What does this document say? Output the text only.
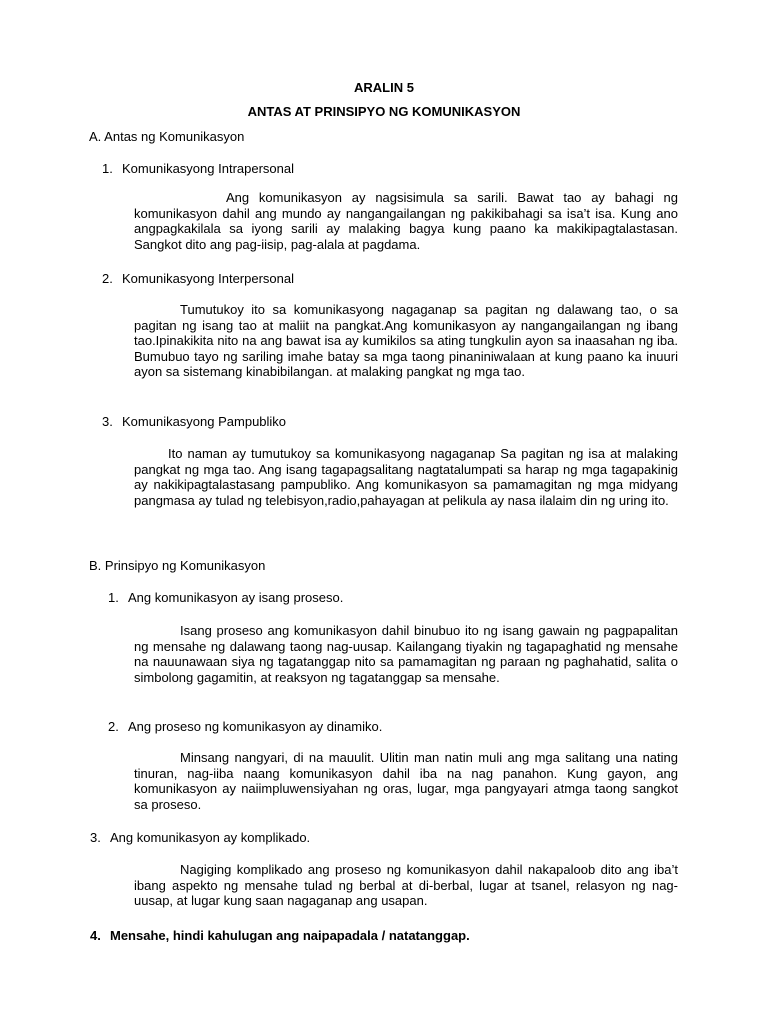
ARALIN 5
ANTAS AT PRINSIPYO NG KOMUNIKASYON
A. Antas ng Komunikasyon
1. Komunikasyong Intrapersonal

Ang komunikasyon ay nagsisimula sa sarili. Bawat tao ay bahagi ng komunikasyon dahil ang mundo ay nangangailangan ng pakikibahagi sa isa’t isa. Kung ano angpagkakilala sa iyong sarili ay malaking bagya kung paano ka makikipagtalastasan. Sangkot dito ang pag-iisip, pag-alala at pagdama.

2. Komunikasyong Interpersonal

Tumutukoy ito sa komunikasyong nagaganap sa pagitan ng dalawang tao, o sa pagitan ng isang tao at maliit na pangkat.Ang komunikasyon ay nangangailangan ng ibang tao.Ipinakikita nito na ang bawat isa ay kumikilos sa ating tungkulin ayon sa inaasahan ng iba. Bumubuo tayo ng sariling imahe batay sa mga taong pinaniniwalaan at kung paano ka inuuri ayon sa sistemang kinabibilangan. at malaking pangkat ng mga tao.

3. Komunikasyong Pampubliko

Ito naman ay tumutukoy sa komunikasyong nagaganap Sa pagitan ng isa at malaking pangkat ng mga tao. Ang isang tagapagsalitang nagtatalumpati sa harap ng mga tagapakinig ay nakikipagtalastasang pampubliko. Ang komunikasyon sa pamamagitan ng mga midyang pangmasa ay tulad ng telebisyon,radio,pahayagan at pelikula ay nasa ilalaim din ng uring ito.

B. Prinsipyo ng Komunikasyon
1. Ang komunikasyon ay isang proseso.

Isang proseso ang komunikasyon dahil binubuo ito ng isang gawain ng pagpapalitan ng mensahe ng dalawang taong nag-uusap. Kailangang tiyakin ng tagapaghatid ng mensahe na nauunawaan siya ng tagatanggap nito sa pamamagitan ng paraan ng paghahatid, salita o simbolong gagamitin, at reaksyon ng tagatanggap sa mensahe.

2. Ang proseso ng komunikasyon ay dinamiko.

Minsang nangyari, di na mauulit. Ulitin man natin muli ang mga salitang una nating tinuran, nag-iiba naang komunikasyon dahil iba na nag panahon. Kung gayon, ang komunikasyon ay naiimpluwensiyahan ng oras, lugar, mga pangyayari atmga taong sangkot sa proseso.

3. Ang komunikasyon ay komplikado.

Nagiging komplikado ang proseso ng komunikasyon dahil nakapaloob dito ang iba’t ibang aspekto ng mensahe tulad ng berbal at di-berbal, lugar at tsanel, relasyon ng nag-uusap, at lugar kung saan nagaganap ang usapan.

4. Mensahe, hindi kahulugan ang naipapadala / natatanggap.
